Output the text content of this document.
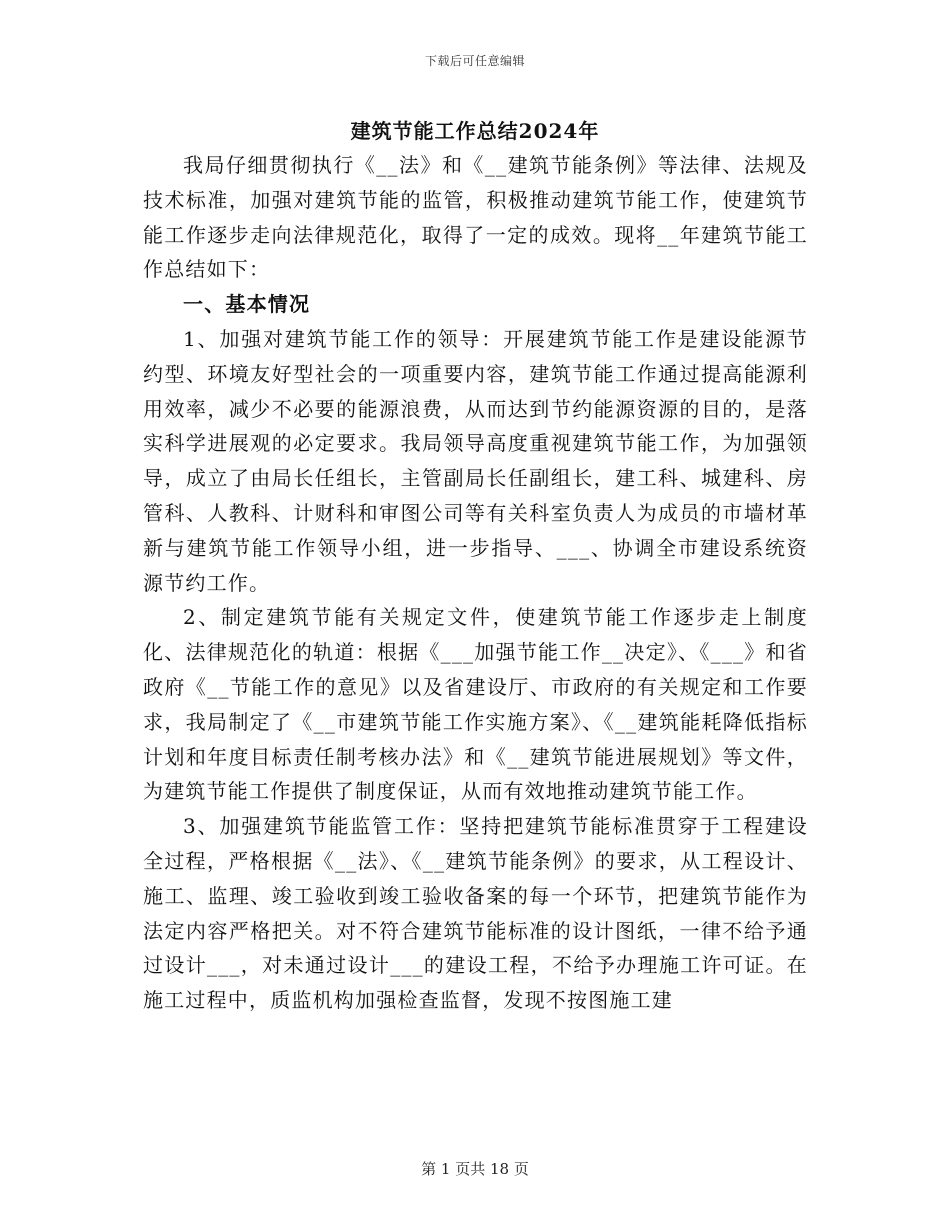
下载后可任意编辑
建筑节能工作总结2024年

我局仔细贯彻执行《__法》和《__建筑节能条例》等法律、法规及技术标准，加强对建筑节能的监管，积极推动建筑节能工作，使建筑节能工作逐步走向法律规范化，取得了一定的成效。现将__年建筑节能工作总结如下：

一、基本情况

1、加强对建筑节能工作的领导：开展建筑节能工作是建设能源节约型、环境友好型社会的一项重要内容，建筑节能工作通过提高能源利用效率，减少不必要的能源浪费，从而达到节约能源资源的目的，是落实科学进展观的必定要求。我局领导高度重视建筑节能工作，为加强领导，成立了由局长任组长，主管副局长任副组长，建工科、城建科、房管科、人教科、计财科和审图公司等有关科室负责人为成员的市墙材革新与建筑节能工作领导小组，进一步指导、___、协调全市建设系统资源节约工作。

2、制定建筑节能有关规定文件，使建筑节能工作逐步走上制度化、法律规范化的轨道：根据《___加强节能工作__决定》、《___》和省政府《__节能工作的意见》以及省建设厅、市政府的有关规定和工作要求，我局制定了《__市建筑节能工作实施方案》、《__建筑能耗降低指标计划和年度目标责任制考核办法》和《__建筑节能进展规划》等文件，为建筑节能工作提供了制度保证，从而有效地推动建筑节能工作。

3、加强建筑节能监管工作：坚持把建筑节能标准贯穿于工程建设全过程，严格根据《__法》、《__建筑节能条例》的要求，从工程设计、施工、监理、竣工验收到竣工验收备案的每一个环节，把建筑节能作为法定内容严格把关。对不符合建筑节能标准的设计图纸，一律不给予通过设计___，对未通过设计___的建设工程，不给予办理施工许可证。在施工过程中，质监机构加强检查监督，发现不按图施工建

第 1 页共 18 页
